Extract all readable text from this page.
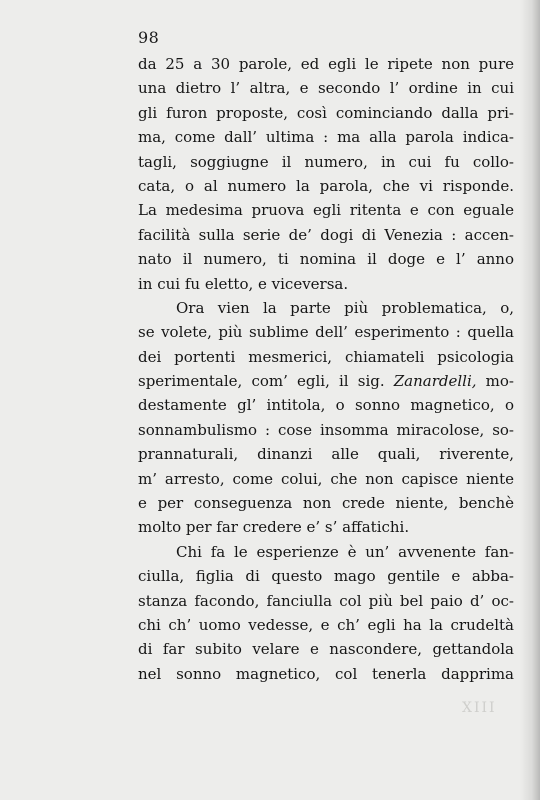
98
da 25 a 30 parole, ed egli le ripete non pure
una dietro l’ altra, e secondo l’ ordine in cui
gli furon proposte, così cominciando dalla pri-
ma, come dall’ ultima : ma alla parola indica-
tagli, soggiugne il numero, in cui fu collo-
cata, o al numero la parola, che vi risponde.
La medesima pruova egli ritenta e con eguale
facilità sulla serie de’ dogi di Venezia : accen-
nato il numero, ti nomina il doge e l’ anno
in cui fu eletto, e viceversa.
Ora vien la parte più problematica, o,
se volete, più sublime dell’ esperimento : quella
dei portenti mesmerici, chiamateli psicologia
sperimentale, com’ egli, il sig. Zanardelli, mo-
destamente gl’ intitola, o sonno magnetico, o
sonnambulismo : cose insomma miracolose, so-
prannaturali, dinanzi alle quali, riverente,
m’ arresto, come colui, che non capisce niente
e per conseguenza non crede niente, benchè
molto per far credere e’ s’ affatichi.
Chi fa le esperienze è un’ avvenente fan-
ciulla, figlia di questo mago gentile e abba-
stanza facondo, fanciulla col più bel paio d’ oc-
chi ch’ uomo vedesse, e ch’ egli ha la crudeltà
di far subito velare e nascondere, gettandola
nel sonno magnetico, col tenerla dapprima
XIII
